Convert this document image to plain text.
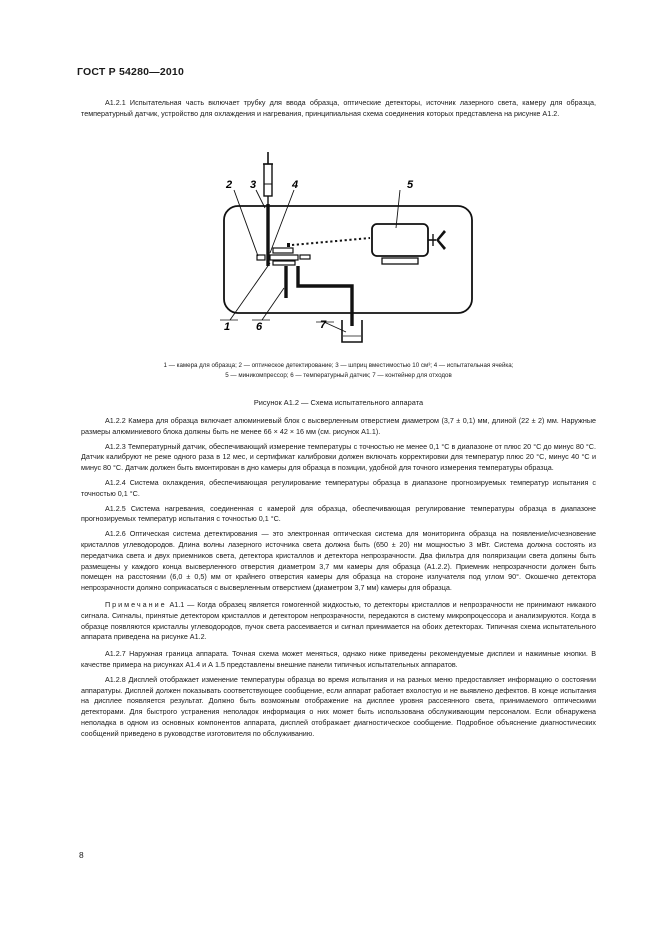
ГОСТ Р 54280—2010

А1.2.1 Испытательная часть включает трубку для ввода образца, оптические детекторы, источник лазерного света, камеру для образца, температурный датчик, устройство для охлаждения и нагревания, принципиальная схема соединения которых представлена на рисунке А1.2.

2 3	4	5
1 6	7
1 — камера для образца; 2 — оптическое детектирование; 3 — шприц вместимостью 10 см³; 4 — испытательная ячейка;
5 — миникомпрессор; 6 — температурный датчик; 7 — контейнер для отходов
Рисунок А1.2 — Схема испытательного аппарата

А1.2.2 Камера для образца включает алюминиевый блок с высверленным отверстием диаметром (3,7 ± 0,1) мм, длиной (22 ± 2) мм. Наружные размеры алюминиевого блока должны быть не менее 66 × 42 × 16 мм (см. рисунок А1.1).

А1.2.3 Температурный датчик, обеспечивающий измерение температуры с точностью не менее 0,1 °С в диапазоне от плюс 20 °С до минус 80 °С. Датчик калибруют не реже одного раза в 12 мес, и сертификат калибровки должен включать корректировки для температур плюс 20 °С, минус 40 °С и минус 80 °С. Датчик должен быть вмонтирован в дно камеры для образца в позиции, удобной для точного измерения температуры образца.

А1.2.4 Система охлаждения, обеспечивающая регулирование температуры образца в диапазоне прогнозируемых температур испытания с точностью 0,1 °С.

А1.2.5 Система нагревания, соединенная с камерой для образца, обеспечивающая регулирование температуры образца в диапазоне прогнозируемых температур испытания с точностью 0,1 °С.

А1.2.6 Оптическая система детектирования — это электронная оптическая система для мониторинга образца на появление/исчезновение кристаллов углеводородов. Длина волны лазерного источника света должна быть (650 ± 20) нм мощностью 3 мВт. Система должна состоять из передатчика света и двух приемников света, детектора кристаллов и детектора непрозрачности. Два фильтра для поляризации света должны быть размещены у каждого конца высверленного отверстия диаметром 3,7 мм камеры для образца (А1.2.2). Приемник непрозрачности должен быть помещен на расстоянии (6,0 ± 0,5) мм от крайнего отверстия камеры для образца на стороне излучателя под углом 90°. Окошечко детектора непрозрачности должно соприкасаться с высверленным отверстием (диаметром 3,7 мм) камеры для образца.

Примечание А1.1 — Когда образец является гомогенной жидкостью, то детекторы кристаллов и непрозрачности не принимают никакого сигнала. Сигналы, принятые детектором кристаллов и детектором непрозрачности, передаются в систему микропроцессора и анализируются. Когда в образце появляются кристаллы углеводородов, пучок света рассеивается и сигнал принимается на обоих детекторах. Типичная схема испытательного аппарата приведена на рисунке А1.2.

А1.2.7 Наружная граница аппарата. Точная схема может меняться, однако ниже приведены рекомендуемые дисплеи и нажимные кнопки. В качестве примера на рисунках А1.4 и А 1.5 представлены внешние панели типичных испытательных аппаратов.

А1.2.8 Дисплей отображает изменение температуры образца во время испытания и на разных меню предоставляет информацию о состоянии аппаратуры. Дисплей должен показывать соответствующее сообщение, если аппарат работает вхолостую и не выявлено дефектов. В конце испытания на дисплее появляется результат. Должно быть возможным отображение на дисплее уровня рассеянного света, принимаемого оптическими детекторами. Для быстрого устранения неполадок информация о них может быть использована обслуживающим персоналом. Если обнаружена неполадка в одном из основных компонентов аппарата, дисплей отображает диагностическое сообщение. Подробное объяснение диагностических сообщений приведено в руководстве изготовителя по обслуживанию.

8
